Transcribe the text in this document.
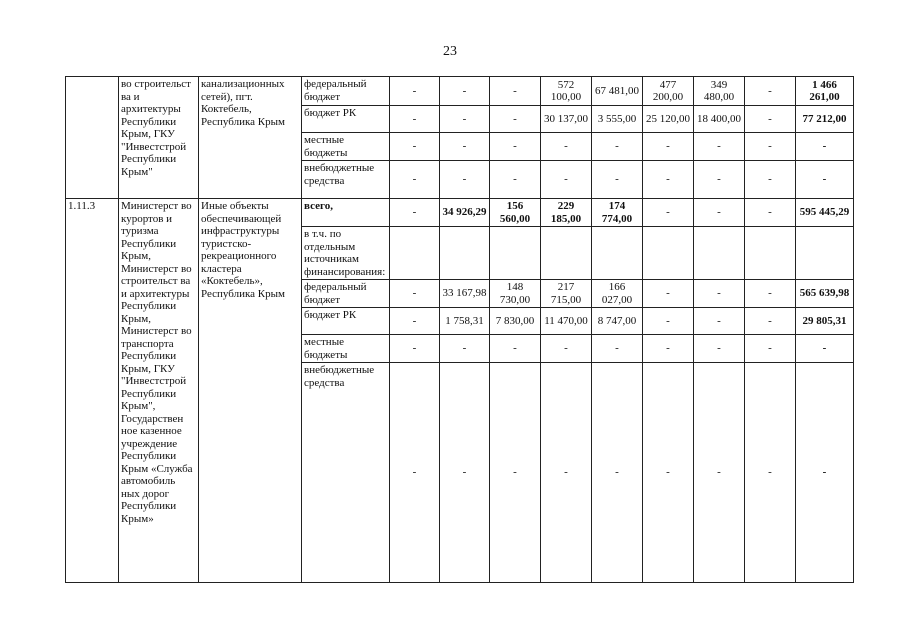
23
	во строительст ва и архитектуры Республики Крым, ГКУ "Инвестстрой Республики Крым"	канализационных сетей), пгт. Коктебель, Республика Крым	федеральный бюджет	-	-	-	572 100,00	67 481,00	477 200,00	349 480,00	-	1 466 261,00
			бюджет РК	-	-	-	30 137,00	3 555,00	25 120,00	18 400,00	-	77 212,00
			местные бюджеты	-	-	-	-	-	-	-	-	-
			внебюджетные средства	-	-	-	-	-	-	-	-	-
1.11.3	Министерст во курортов и туризма Республики Крым, Министерст во строительст ва и архитектуры Республики Крым, Министерст во транспорта Республики Крым, ГКУ "Инвестстрой Республики Крым", Государствен ное казенное учреждение Республики Крым «Служба автомобиль ных дорог Республики Крым»	Иные объекты обеспечивающей инфраструктуры туристско-рекреационного кластера «Коктебель», Республика Крым	всего,	-	34 926,29	156 560,00	229 185,00	174 774,00	-	-	-	595 445,29
			в т.ч. по отдельным источникам финансирования:									
			федеральный бюджет	-	33 167,98	148 730,00	217 715,00	166 027,00	-	-	-	565 639,98
			бюджет РК	-	1 758,31	7 830,00	11 470,00	8 747,00	-	-	-	29 805,31
			местные бюджеты	-	-	-	-	-	-	-	-	-
			внебюджетные средства	-	-	-	-	-	-	-	-	-
